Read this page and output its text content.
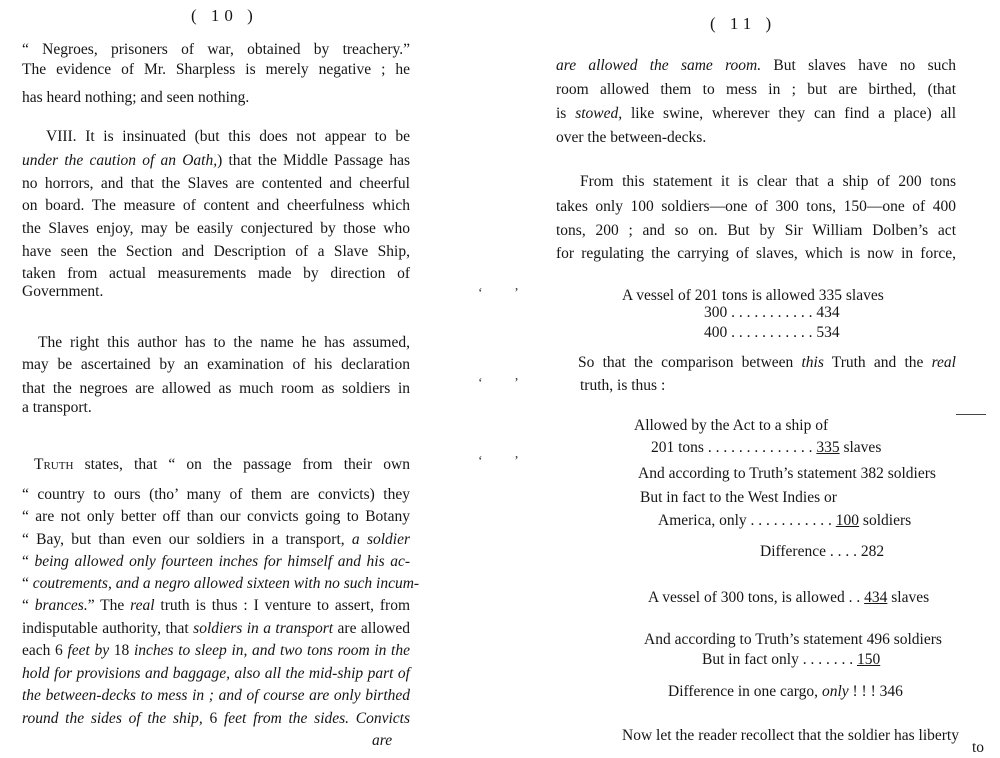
( 10 )
“ Negroes, prisoners of war, obtained by treachery.”
The evidence of Mr. Sharpless is merely negative ; he
has heard nothing; and seen nothing.
VIII. It is insinuated (but this does not appear to be
under the caution of an Oath,) that the Middle Passage has
no horrors, and that the Slaves are contented and cheerful
on board. The measure of content and cheerfulness which
the Slaves enjoy, may be easily conjectured by those who
have seen the Section and Description of a Slave Ship,
taken from actual measurements made by direction of
Government.
The right this author has to the name he has assumed,
may be ascertained by an examination of his declaration
that the negroes are allowed as much room as soldiers in
a transport.
Truth states, that “ on the passage from their own
“ country to ours (tho’ many of them are convicts) they
“ are not only better off than our convicts going to Botany
“ Bay, but than even our soldiers in a transport, a soldier
“ being allowed only fourteen inches for himself and his ac-
“ coutrements, and a negro allowed sixteen with no such incum-
“ brances.” The real truth is thus : I venture to assert, from
indisputable authority, that soldiers in a transport are allowed
each 6 feet by 18 inches to sleep in, and two tons room in the
hold for provisions and baggage, also all the mid-ship part of
the between-decks to mess in ; and of course are only birthed
round the sides of the ship, 6 feet from the sides. Convicts
are
‘ ’
‘ ’
‘ ’
( 11 )
are allowed the same room. But slaves have no such
room allowed them to mess in ; but are birthed, (that
is stowed, like swine, wherever they can find a place) all
over the between-decks.
From this statement it is clear that a ship of 200 tons
takes only 100 soldiers—one of 300 tons, 150—one of 400
tons, 200 ; and so on. But by Sir William Dolben’s act
for regulating the carrying of slaves, which is now in force,
A vessel of 201 tons is allowed 335 slaves
300 . . . . . . . . . . . 434
400 . . . . . . . . . . . 534
So that the comparison between this Truth and the real
truth, is thus :
Allowed by the Act to a ship of
201 tons . . . . . . . . . . . . . . 335 slaves
And according to Truth’s statement 382 soldiers
But in fact to the West Indies or
America, only . . . . . . . . . . . 100 soldiers
Difference . . . . 282
A vessel of 300 tons, is allowed . . 434 slaves
And according to Truth’s statement 496 soldiers
But in fact only . . . . . . . 150
Difference in one cargo, only ! ! ! 346
Now let the reader recollect that the soldier has liberty
to
